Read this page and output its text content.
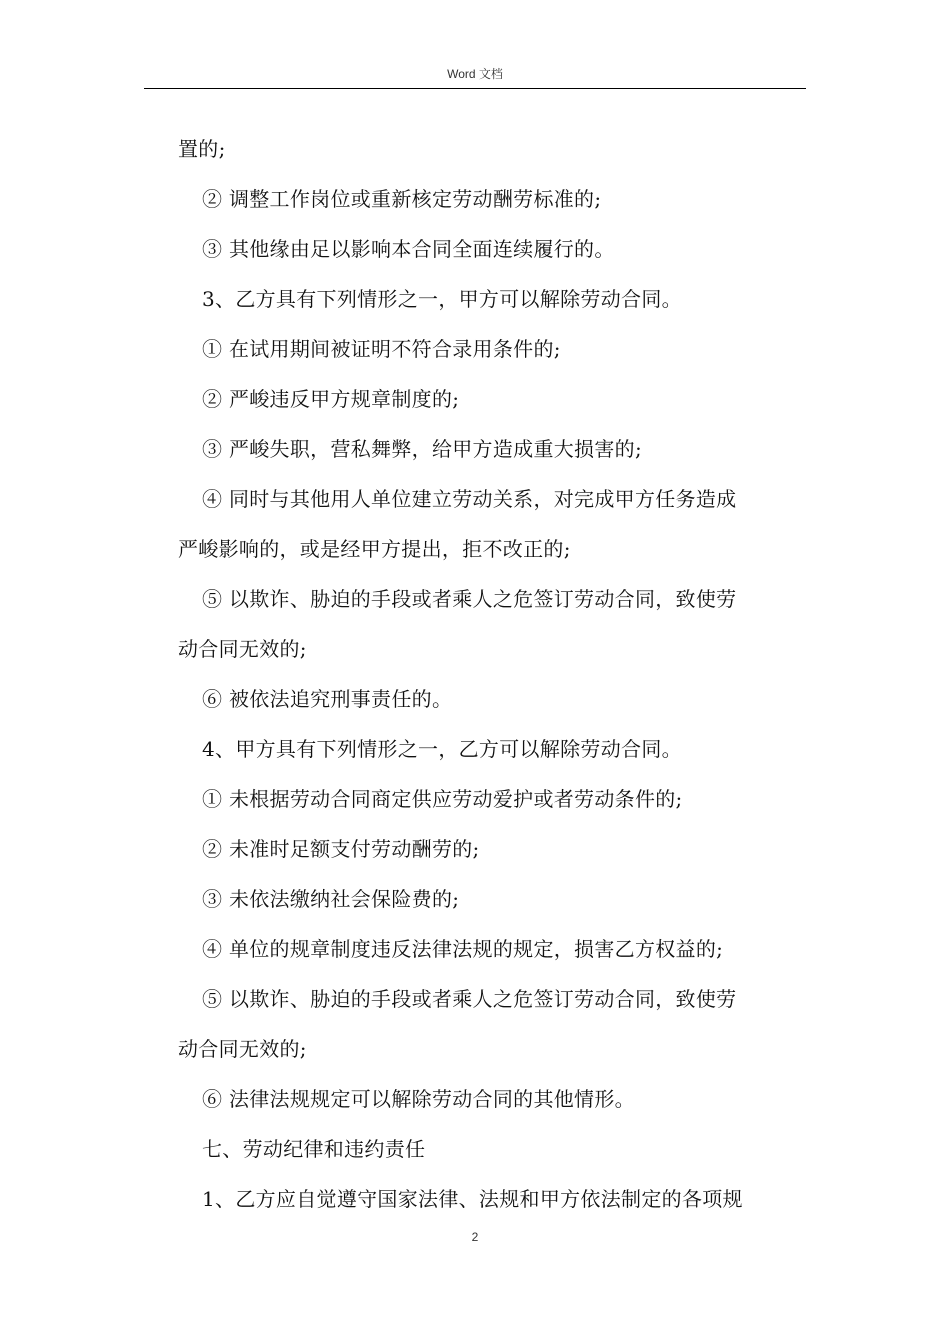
Word 文档
置的;
② 调整工作岗位或重新核定劳动酬劳标准的;
③ 其他缘由足以影响本合同全面连续履行的。
3、乙方具有下列情形之一，甲方可以解除劳动合同。
① 在试用期间被证明不符合录用条件的;
② 严峻违反甲方规章制度的;
③ 严峻失职，营私舞弊，给甲方造成重大损害的;
④ 同时与其他用人单位建立劳动关系，对完成甲方任务造成
严峻影响的，或是经甲方提出，拒不改正的;
⑤ 以欺诈、胁迫的手段或者乘人之危签订劳动合同，致使劳
动合同无效的;
⑥ 被依法追究刑事责任的。
4、甲方具有下列情形之一，乙方可以解除劳动合同。
① 未根据劳动合同商定供应劳动爱护或者劳动条件的;
② 未准时足额支付劳动酬劳的;
③ 未依法缴纳社会保险费的;
④ 单位的规章制度违反法律法规的规定，损害乙方权益的;
⑤ 以欺诈、胁迫的手段或者乘人之危签订劳动合同，致使劳
动合同无效的;
⑥ 法律法规规定可以解除劳动合同的其他情形。
七、劳动纪律和违约责任
1、乙方应自觉遵守国家法律、法规和甲方依法制定的各项规
2
